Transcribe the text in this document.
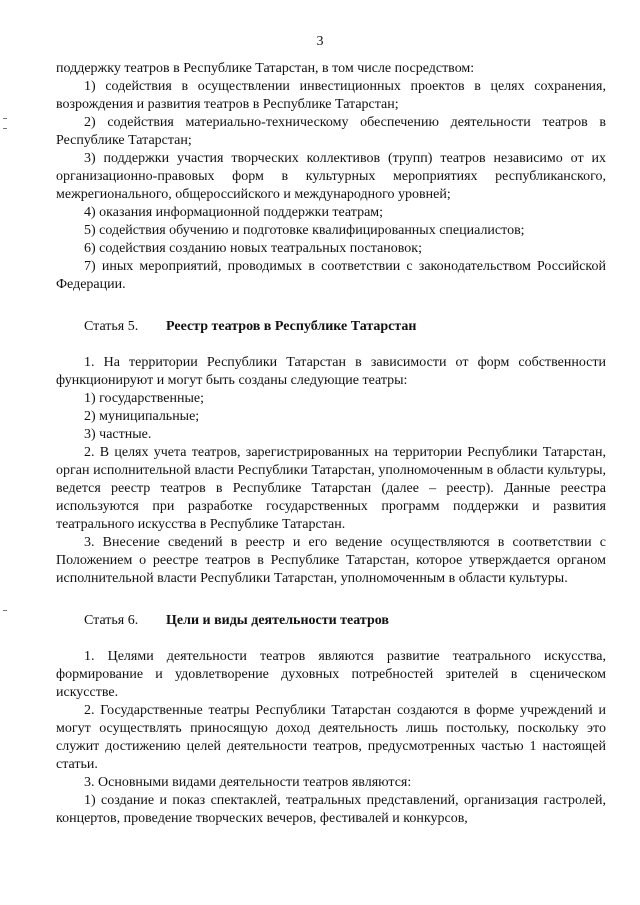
3

поддержку театров в Республике Татарстан, в том числе посредством:

1) содействия в осуществлении инвестиционных проектов в целях сохранения, возрождения и развития театров в Республике Татарстан;

2) содействия материально-техническому обеспечению деятельности театров в Республике Татарстан;

3) поддержки участия творческих коллективов (трупп) театров независимо от их организационно-правовых форм в культурных мероприятиях республиканского, межрегионального, общероссийского и международного уровней;

4) оказания информационной поддержки театрам;

5) содействия обучению и подготовке квалифицированных специалистов;

6) содействия созданию новых театральных постановок;

7) иных мероприятий, проводимых в соответствии с законодательством Российской Федерации.

Статья 5. Реестр театров в Республике Татарстан

1. На территории Республики Татарстан в зависимости от форм собственности функционируют и могут быть созданы следующие театры:

1) государственные;

2) муниципальные;

3) частные.

2. В целях учета театров, зарегистрированных на территории Республики Татарстан, орган исполнительной власти Республики Татарстан, уполномоченным в области культуры, ведется реестр театров в Республике Татарстан (далее – реестр). Данные реестра используются при разработке государственных программ поддержки и развития театрального искусства в Республике Татарстан.

3. Внесение сведений в реестр и его ведение осуществляются в соответствии с Положением о реестре театров в Республике Татарстан, которое утверждается органом исполнительной власти Республики Татарстан, уполномоченным в области культуры.

Статья 6. Цели и виды деятельности театров

1. Целями деятельности театров являются развитие театрального искусства, формирование и удовлетворение духовных потребностей зрителей в сценическом искусстве.

2. Государственные театры Республики Татарстан создаются в форме учреждений и могут осуществлять приносящую доход деятельность лишь постольку, поскольку это служит достижению целей деятельности театров, предусмотренных частью 1 настоящей статьи.

3. Основными видами деятельности театров являются:

1) создание и показ спектаклей, театральных представлений, организация гастролей, концертов, проведение творческих вечеров, фестивалей и конкурсов,
